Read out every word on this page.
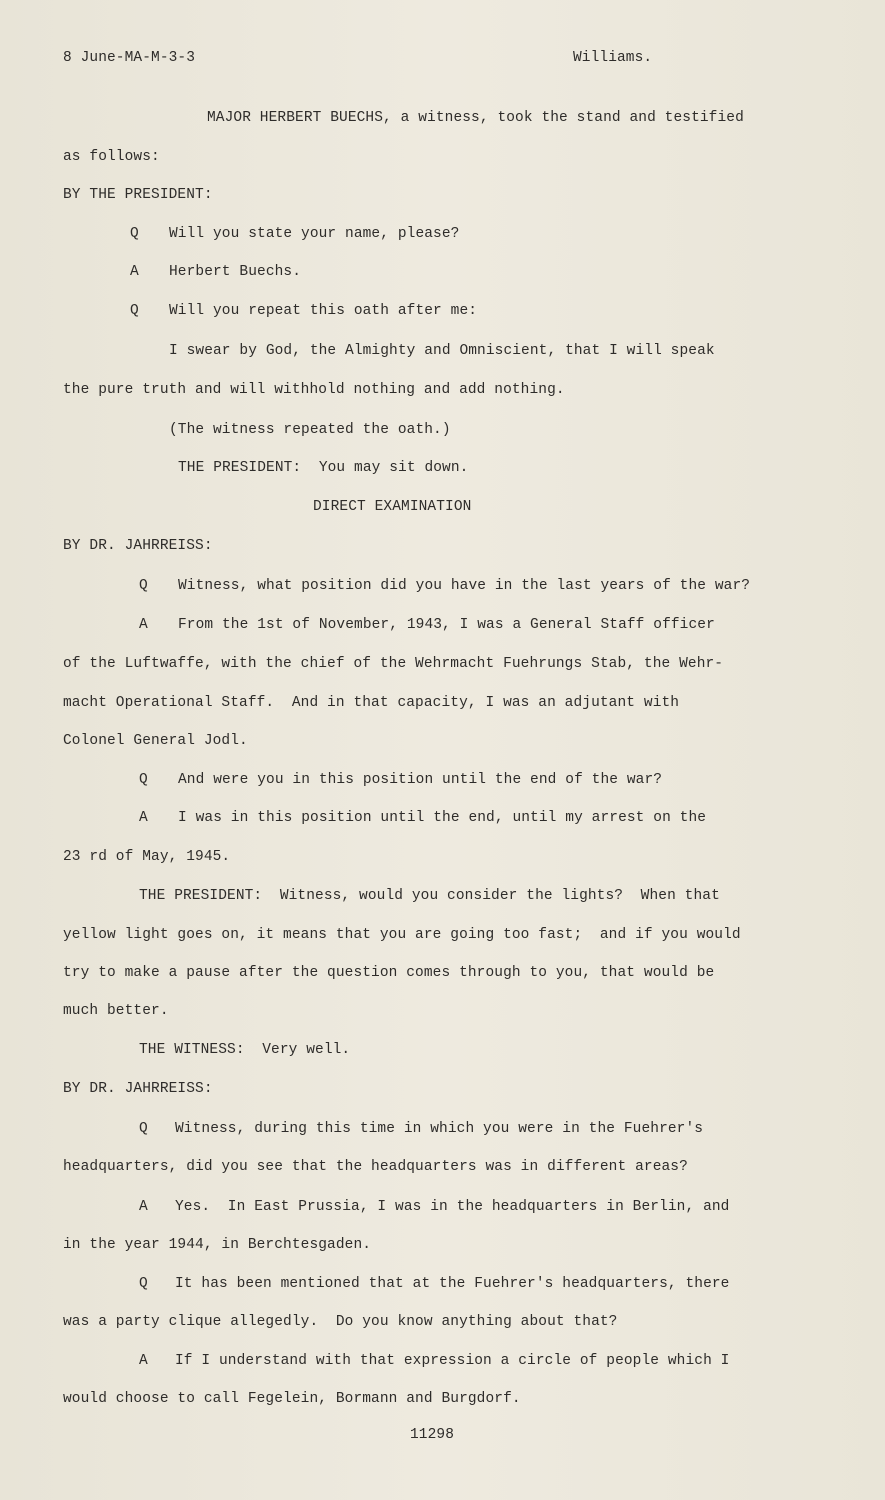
8 June-MA-M-3-3	Williams.
MAJOR HERBERT BUECHS, a witness, took the stand and testified
as follows:
BY THE PRESIDENT:
Q Will you state your name, please?
A Herbert Buechs.
Q Will you repeat this oath after me:
I swear by God, the Almighty and Omniscient, that I will speak
the pure truth and will withhold nothing and add nothing.
(The witness repeated the oath.)
THE PRESIDENT:  You may sit down.
DIRECT EXAMINATION
BY DR. JAHRREISS:
Q Witness, what position did you have in the last years of the war?
A From the 1st of November, 1943, I was a General Staff officer
of the Luftwaffe, with the chief of the Wehrmacht Fuehrungs Stab, the Wehr-
macht Operational Staff.  And in that capacity, I was an adjutant with
Colonel General Jodl.
Q And were you in this position until the end of the war?
A I was in this position until the end, until my arrest on the
23 rd of May, 1945.
THE PRESIDENT:  Witness, would you consider the lights?  When that
yellow light goes on, it means that you are going too fast;  and if you would
try to make a pause after the question comes through to you, that would be
much better.
THE WITNESS:  Very well.
BY DR. JAHRREISS:
Q Witness, during this time in which you were in the Fuehrer's
headquarters, did you see that the headquarters was in different areas?
A Yes.  In East Prussia, I was in the headquarters in Berlin, and
in the year 1944, in Berchtesgaden.
Q It has been mentioned that at the Fuehrer's headquarters, there
was a party clique allegedly.  Do you know anything about that?
A If I understand with that expression a circle of people which I
would choose to call Fegelein, Bormann and Burgdorf.
11298
